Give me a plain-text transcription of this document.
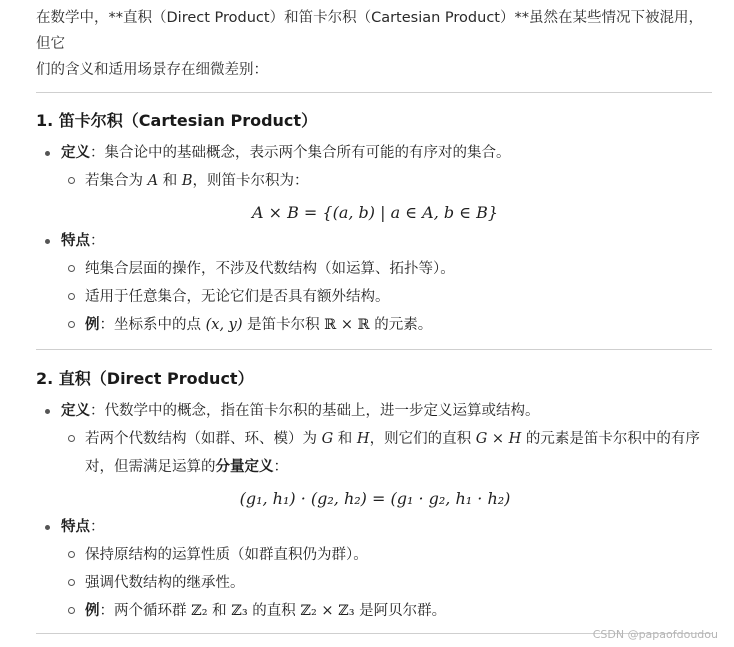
在数学中，**直积（Direct Product）和笛卡尔积（Cartesian Product）**虽然在某些情况下被混用，但它
们的含义和适用场景存在细微差别：

1. 笛卡尔积（Cartesian Product）
定义：集合论中的基础概念，表示两个集合所有可能的有序对的集合。
若集合为 A 和 B，则笛卡尔积为：
A × B = {(a, b) | a ∈ A, b ∈ B}
特点：
纯集合层面的操作，不涉及代数结构（如运算、拓扑等）。
适用于任意集合，无论它们是否具有额外结构。
例：坐标系中的点 (x, y) 是笛卡尔积 ℝ × ℝ 的元素。
2. 直积（Direct Product）
定义：代数学中的概念，指在笛卡尔积的基础上，进一步定义运算或结构。
若两个代数结构（如群、环、模）为 G 和 H，则它们的直积 G × H 的元素是笛卡尔积中的有序
对，但需满足运算的分量定义：
(g₁, h₁) · (g₂, h₂) = (g₁ · g₂, h₁ · h₂)
特点：
保持原结构的运算性质（如群直积仍为群）。
强调代数结构的继承性。
例：两个循环群 ℤ₂ 和 ℤ₃ 的直积 ℤ₂ × ℤ₃ 是阿贝尔群。
CSDN @papaofdoudou
